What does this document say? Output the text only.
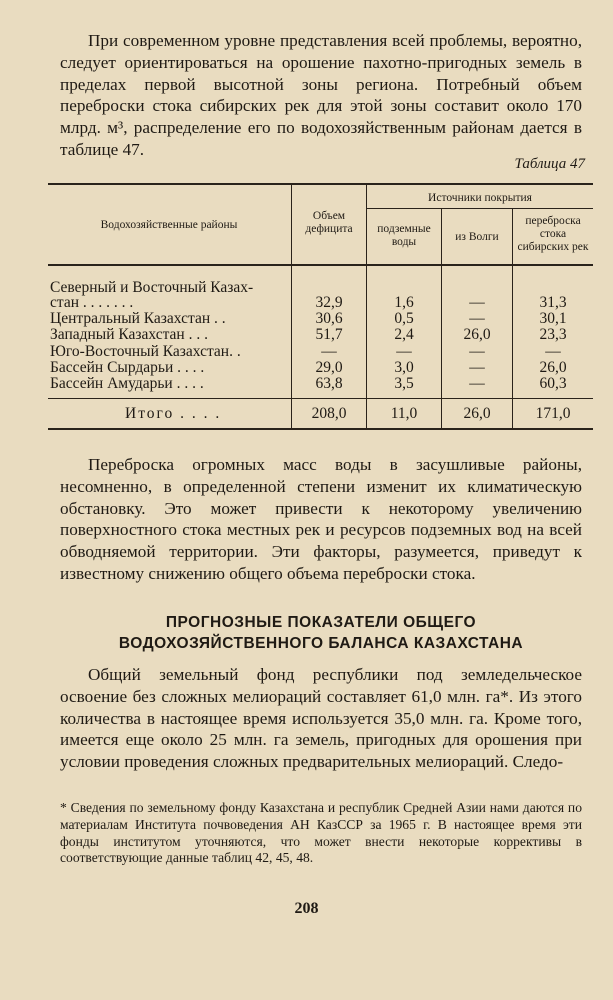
При современном уровне представления всей проблемы, вероятно, следует ориентироваться на орошение пахотно-пригодных земель в пределах первой высотной зоны региона. Потребный объем переброски стока сибирских рек для этой зоны составит около 170 млрд. м³, распределение его по водохозяйственным районам дается в таблице 47.

Таблица 47
Водохозяйственные районы
Объем дефицита
Источники покрытия
подземные воды	из Волги
переброска стока сибирских рек
Северный и Восточный Казах-
стан . . . . . . .	32,9	1,6	—	31,3
Центральный Казахстан . .	30,6	0,5	—	30,1
Западный Казахстан . . .	51,7	2,4	26,0	23,3
Юго-Восточный Казахстан. .	—	—	—	—
Бассейн Сырдарьи . . . .	29,0	3,0	—	26,0
Бассейн Амударьи . . . .	63,8	3,5	—	60,3
Итого . . . .	208,0	11,0	26,0	171,0

Переброска огромных масс воды в засушливые районы, несомненно, в определенной степени изменит их климатическую обстановку. Это может привести к некоторому увеличению поверхностного стока местных рек и ресурсов подземных вод на всей обводняемой территории. Эти факторы, разумеется, приведут к известному снижению общего объема переброски стока.

ПРОГНОЗНЫЕ ПОКАЗАТЕЛИ ОБЩЕГО
ВОДОХОЗЯЙСТВЕННОГО БАЛАНСА КАЗАХСТАНА

Общий земельный фонд республики под земледельческое освоение без сложных мелиораций составляет 61,0 млн. га*. Из этого количества в настоящее время используется 35,0 млн. га. Кроме того, имеется еще около 25 млн. га земель, пригодных для орошения при условии проведения сложных предварительных мелиораций. Следо-

* Сведения по земельному фонду Казахстана и республик Средней Азии нами даются по материалам Института почвоведения АН КазССР за 1965 г. В настоящее время эти фонды институтом уточняются, что может внести некоторые коррективы в соответствующие данные таблиц 42, 45, 48.

208
